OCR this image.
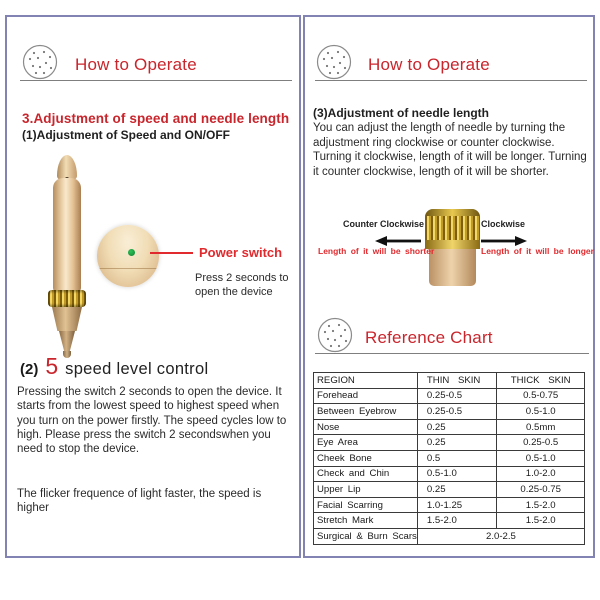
How to Operate
3.Adjustment of speed and needle length
(1)Adjustment of Speed and ON/OFF
Power switch
Press 2 seconds to open the device
(2) 5 speed level control
Pressing the switch 2 seconds to open the device. It starts from the lowest speed to highest speed when you turn on the power firstly. The speed cycles low to high. Please press the switch 2 secondswhen you need to stop the device.
The flicker frequence of light faster, the speed is higher
How to Operate
(3)Adjustment of needle length
You can adjust the length of needle by turning the adjustment ring clockwise or counter clockwise. Turning it clockwise, length of it will be longer. Turning it counter clockwise, length of it will be shorter.
Counter Clockwise	Clockwise
Length of it will be shorter	Length of it will be longer
Reference Chart
REGION	THIN SKIN	THICK SKIN
Forehead	0.25-0.5	0.5-0.75
Between Eyebrow	0.25-0.5	0.5-1.0
Nose	0.25	0.5mm
Eye Area	0.25	0.25-0.5
Cheek Bone	0.5	0.5-1.0
Check and Chin	0.5-1.0	1.0-2.0
Upper Lip	0.25	0.25-0.75
Facial Scarring	1.0-1.25	1.5-2.0
Stretch Mark	1.5-2.0	1.5-2.0
Surgical & Burn Scars	2.0-2.5	
